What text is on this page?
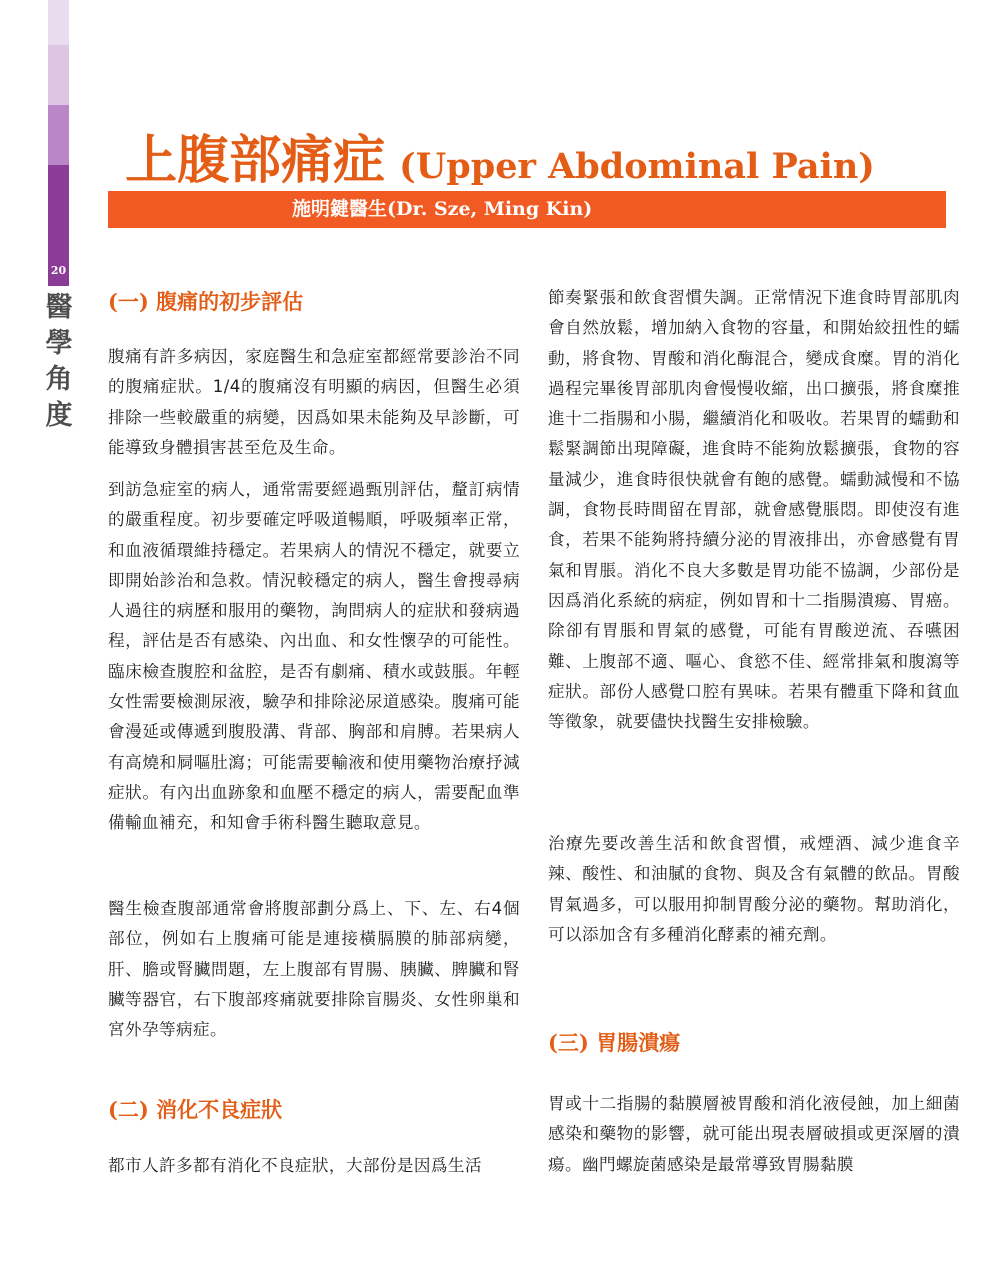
20
醫學角度
上腹部痛症 (Upper Abdominal Pain)
施明鍵醫生(Dr. Sze, Ming Kin)
(一) 腹痛的初步評估
腹痛有許多病因，家庭醫生和急症室都經常要診治不同的腹痛症狀。1/4的腹痛沒有明顯的病因，但醫生必須排除一些較嚴重的病變，因爲如果未能夠及早診斷，可能導致身體損害甚至危及生命。
到訪急症室的病人，通常需要經過甄別評估，釐訂病情的嚴重程度。初步要確定呼吸道暢順，呼吸頻率正常，和血液循環維持穩定。若果病人的情況不穩定，就要立即開始診治和急救。情況較穩定的病人，醫生會搜尋病人過往的病歷和服用的藥物，詢問病人的症狀和發病過程，評估是否有感染、內出血、和女性懷孕的可能性。臨床檢查腹腔和盆腔，是否有劇痛、積水或鼓脹。年輕女性需要檢測尿液，驗孕和排除泌尿道感染。腹痛可能會漫延或傳遞到腹股溝、背部、胸部和肩膊。若果病人有高燒和屙嘔肚瀉；可能需要輸液和使用藥物治療抒減症狀。有內出血跡象和血壓不穩定的病人，需要配血準備輸血補充，和知會手術科醫生聽取意見。
醫生檢查腹部通常會將腹部劃分爲上、下、左、右4個部位，例如右上腹痛可能是連接橫膈膜的肺部病變，肝、膽或腎臟問題，左上腹部有胃腸、胰臟、脾臟和腎臟等器官，右下腹部疼痛就要排除盲腸炎、女性卵巢和宮外孕等病症。
(二) 消化不良症狀
都市人許多都有消化不良症狀，大部份是因爲生活
節奏緊張和飲食習慣失調。正常情況下進食時胃部肌肉會自然放鬆，增加納入食物的容量，和開始絞扭性的蠕動，將食物、胃酸和消化酶混合，變成食糜。胃的消化過程完畢後胃部肌肉會慢慢收縮，出口擴張，將食糜推進十二指腸和小腸，繼續消化和吸收。若果胃的蠕動和鬆緊調節出現障礙，進食時不能夠放鬆擴張，食物的容量減少，進食時很快就會有飽的感覺。蠕動減慢和不協調，食物長時間留在胃部，就會感覺脹悶。即使沒有進食，若果不能夠將持續分泌的胃液排出，亦會感覺有胃氣和胃脹。消化不良大多數是胃功能不協調，少部份是因爲消化系統的病症，例如胃和十二指腸潰瘍、胃癌。除卻有胃脹和胃氣的感覺，可能有胃酸逆流、吞嚥困難、上腹部不適、嘔心、食慾不佳、經常排氣和腹瀉等症狀。部份人感覺口腔有異味。若果有體重下降和貧血等徵象，就要儘快找醫生安排檢驗。
治療先要改善生活和飲食習慣，戒煙酒、減少進食辛辣、酸性、和油膩的食物、與及含有氣體的飲品。胃酸胃氣過多，可以服用抑制胃酸分泌的藥物。幫助消化，可以添加含有多種消化酵素的補充劑。
(三) 胃腸潰瘍
胃或十二指腸的黏膜層被胃酸和消化液侵蝕，加上細菌感染和藥物的影響，就可能出現表層破損或更深層的潰瘍。幽門螺旋菌感染是最常導致胃腸黏膜
